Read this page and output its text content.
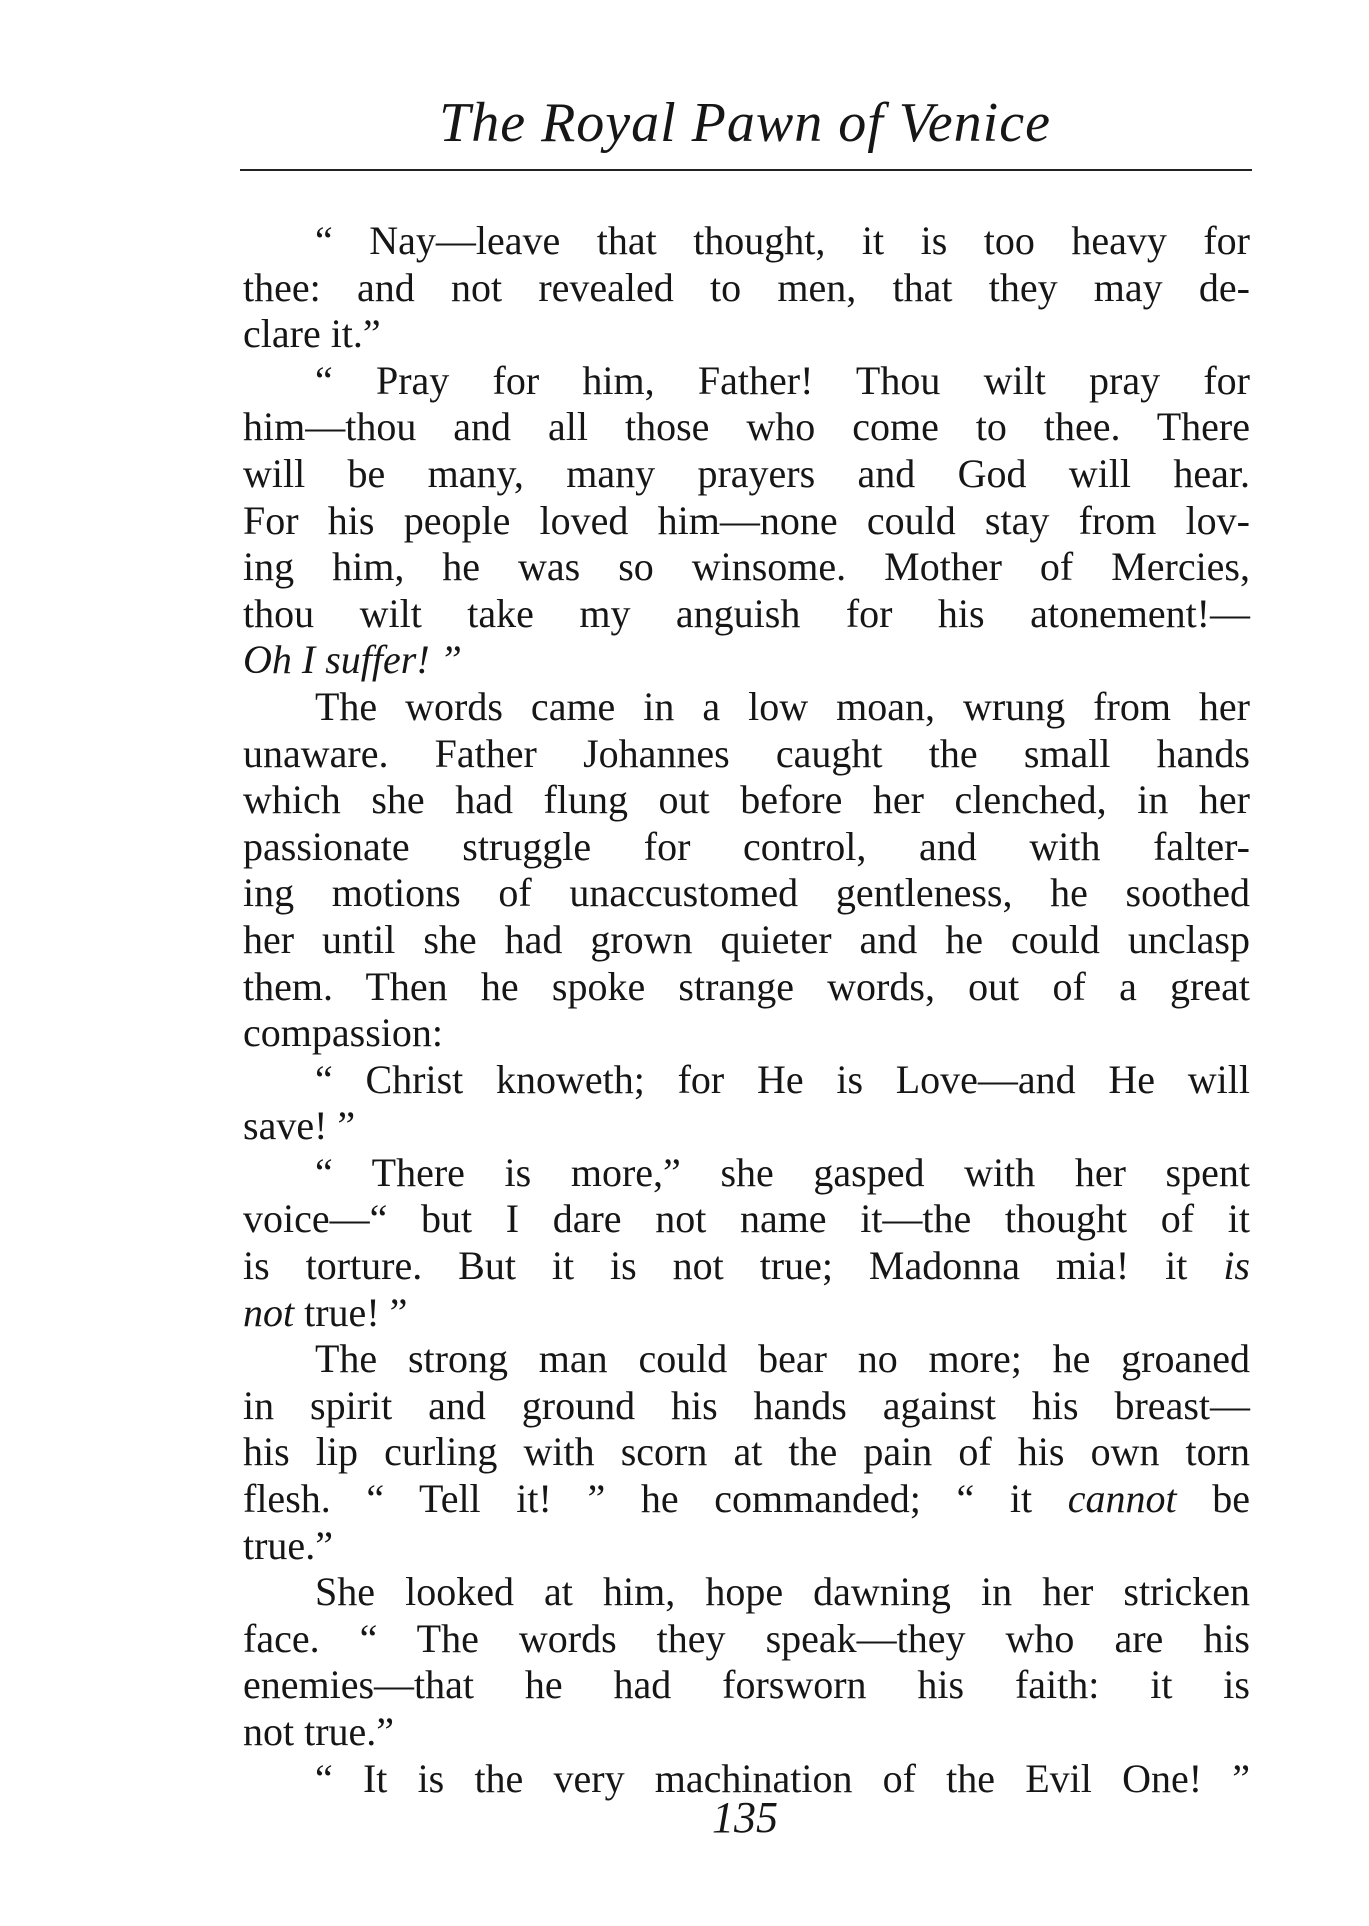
The Royal Pawn of Venice
“ Nay—leave that thought, it is too heavy for
thee: and not revealed to men, that they may de-
clare it.”
“ Pray for him, Father! Thou wilt pray for
him—thou and all those who come to thee. There
will be many, many prayers and God will hear.
For his people loved him—none could stay from lov-
ing him, he was so winsome. Mother of Mercies,
thou wilt take my anguish for his atonement!—
Oh I suffer! ”
The words came in a low moan, wrung from her
unaware. Father Johannes caught the small hands
which she had flung out before her clenched, in her
passionate struggle for control, and with falter-
ing motions of unaccustomed gentleness, he soothed
her until she had grown quieter and he could unclasp
them. Then he spoke strange words, out of a great
compassion:
“ Christ knoweth; for He is Love—and He will
save! ”
“ There is more,” she gasped with her spent
voice—“ but I dare not name it—the thought of it
is torture. But it is not true; Madonna mia! it is
not true! ”
The strong man could bear no more; he groaned
in spirit and ground his hands against his breast—
his lip curling with scorn at the pain of his own torn
flesh. “ Tell it! ” he commanded; “ it cannot be
true.”
She looked at him, hope dawning in her stricken
face. “ The words they speak—they who are his
enemies—that he had forsworn his faith: it is
not true.”
“ It is the very machination of the Evil One! ”
135
